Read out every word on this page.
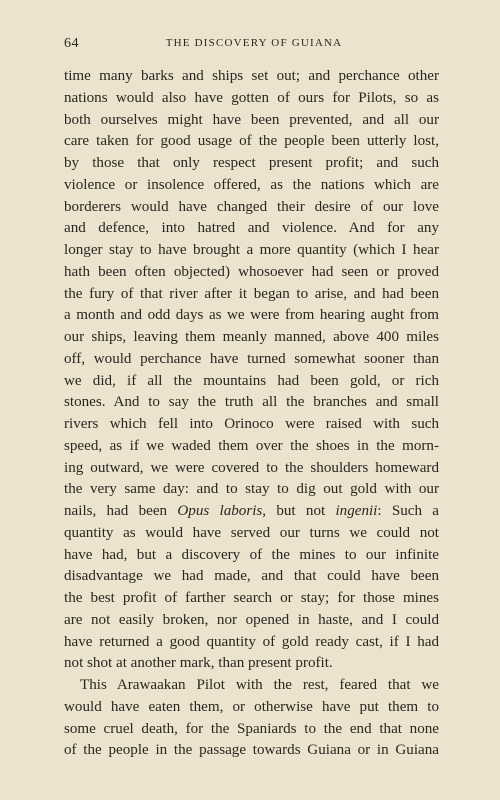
64	THE DISCOVERY OF GUIANA
time many barks and ships set out; and perchance other
nations would also have gotten of ours for Pilots, so as
both ourselves might have been prevented, and all our
care taken for good usage of the people been utterly lost,
by those that only respect present profit; and such
violence or insolence offered, as the nations which are
borderers would have changed their desire of our love
and defence, into hatred and violence. And for any
longer stay to have brought a more quantity (which I hear
hath been often objected) whosoever had seen or proved
the fury of that river after it began to arise, and had been
a month and odd days as we were from hearing aught from
our ships, leaving them meanly manned, above 400 miles
off, would perchance have turned somewhat sooner than
we did, if all the mountains had been gold, or rich
stones. And to say the truth all the branches and small
rivers which fell into Orinoco were raised with such
speed, as if we waded them over the shoes in the morn-
ing outward, we were covered to the shoulders homeward
the very same day: and to stay to dig out gold with our
nails, had been Opus laboris, but not ingenii: Such a
quantity as would have served our turns we could not
have had, but a discovery of the mines to our infinite
disadvantage we had made, and that could have been
the best profit of farther search or stay; for those mines
are not easily broken, nor opened in haste, and I could
have returned a good quantity of gold ready cast, if I had
not shot at another mark, than present profit.
This Arawaakan Pilot with the rest, feared that we
would have eaten them, or otherwise have put them to
some cruel death, for the Spaniards to the end that none
of the people in the passage towards Guiana or in Guiana
